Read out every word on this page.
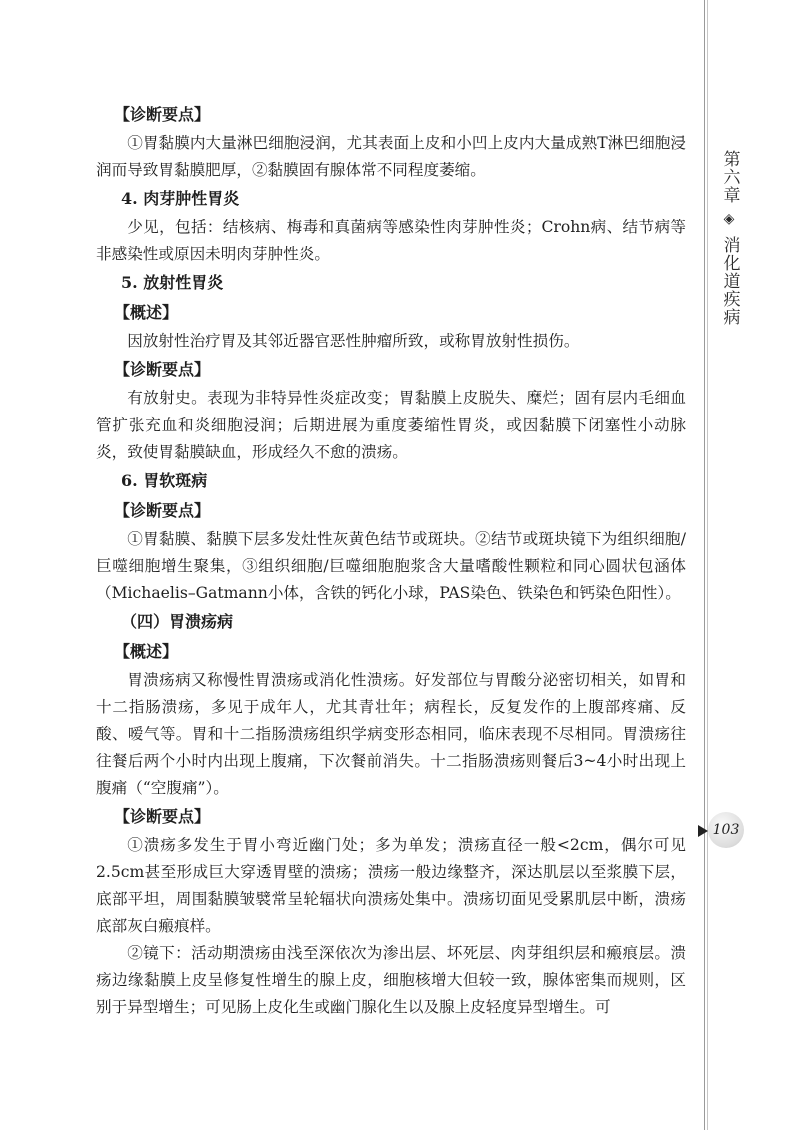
第六章
◈
消化道疾病
103

【诊断要点】

①胃黏膜内大量淋巴细胞浸润，尤其表面上皮和小凹上皮内大量成熟T淋巴细胞浸润而导致胃黏膜肥厚，②黏膜固有腺体常不同程度萎缩。

4. 肉芽肿性胃炎

少见，包括：结核病、梅毒和真菌病等感染性肉芽肿性炎；Crohn病、结节病等非感染性或原因未明肉芽肿性炎。

5. 放射性胃炎

【概述】

因放射性治疗胃及其邻近器官恶性肿瘤所致，或称胃放射性损伤。

【诊断要点】

有放射史。表现为非特异性炎症改变；胃黏膜上皮脱失、糜烂；固有层内毛细血管扩张充血和炎细胞浸润；后期进展为重度萎缩性胃炎，或因黏膜下闭塞性小动脉炎，致使胃黏膜缺血，形成经久不愈的溃疡。

6. 胃软斑病

【诊断要点】

①胃黏膜、黏膜下层多发灶性灰黄色结节或斑块。②结节或斑块镜下为组织细胞/巨噬细胞增生聚集，③组织细胞/巨噬细胞胞浆含大量嗜酸性颗粒和同心圆状包涵体（Michaelis–Gatmann小体，含铁的钙化小球，PAS染色、铁染色和钙染色阳性）。

（四）胃溃疡病

【概述】

胃溃疡病又称慢性胃溃疡或消化性溃疡。好发部位与胃酸分泌密切相关，如胃和十二指肠溃疡，多见于成年人，尤其青壮年；病程长，反复发作的上腹部疼痛、反酸、嗳气等。胃和十二指肠溃疡组织学病变形态相同，临床表现不尽相同。胃溃疡往往餐后两个小时内出现上腹痛，下次餐前消失。十二指肠溃疡则餐后3~4小时出现上腹痛（“空腹痛”）。

【诊断要点】

①溃疡多发生于胃小弯近幽门处；多为单发；溃疡直径一般<2cm，偶尔可见2.5cm甚至形成巨大穿透胃壁的溃疡；溃疡一般边缘整齐，深达肌层以至浆膜下层，底部平坦，周围黏膜皱襞常呈轮辐状向溃疡处集中。溃疡切面见受累肌层中断，溃疡底部灰白瘢痕样。

②镜下：活动期溃疡由浅至深依次为渗出层、坏死层、肉芽组织层和瘢痕层。溃疡边缘黏膜上皮呈修复性增生的腺上皮，细胞核增大但较一致，腺体密集而规则，区别于异型增生；可见肠上皮化生或幽门腺化生以及腺上皮轻度异型增生。可
